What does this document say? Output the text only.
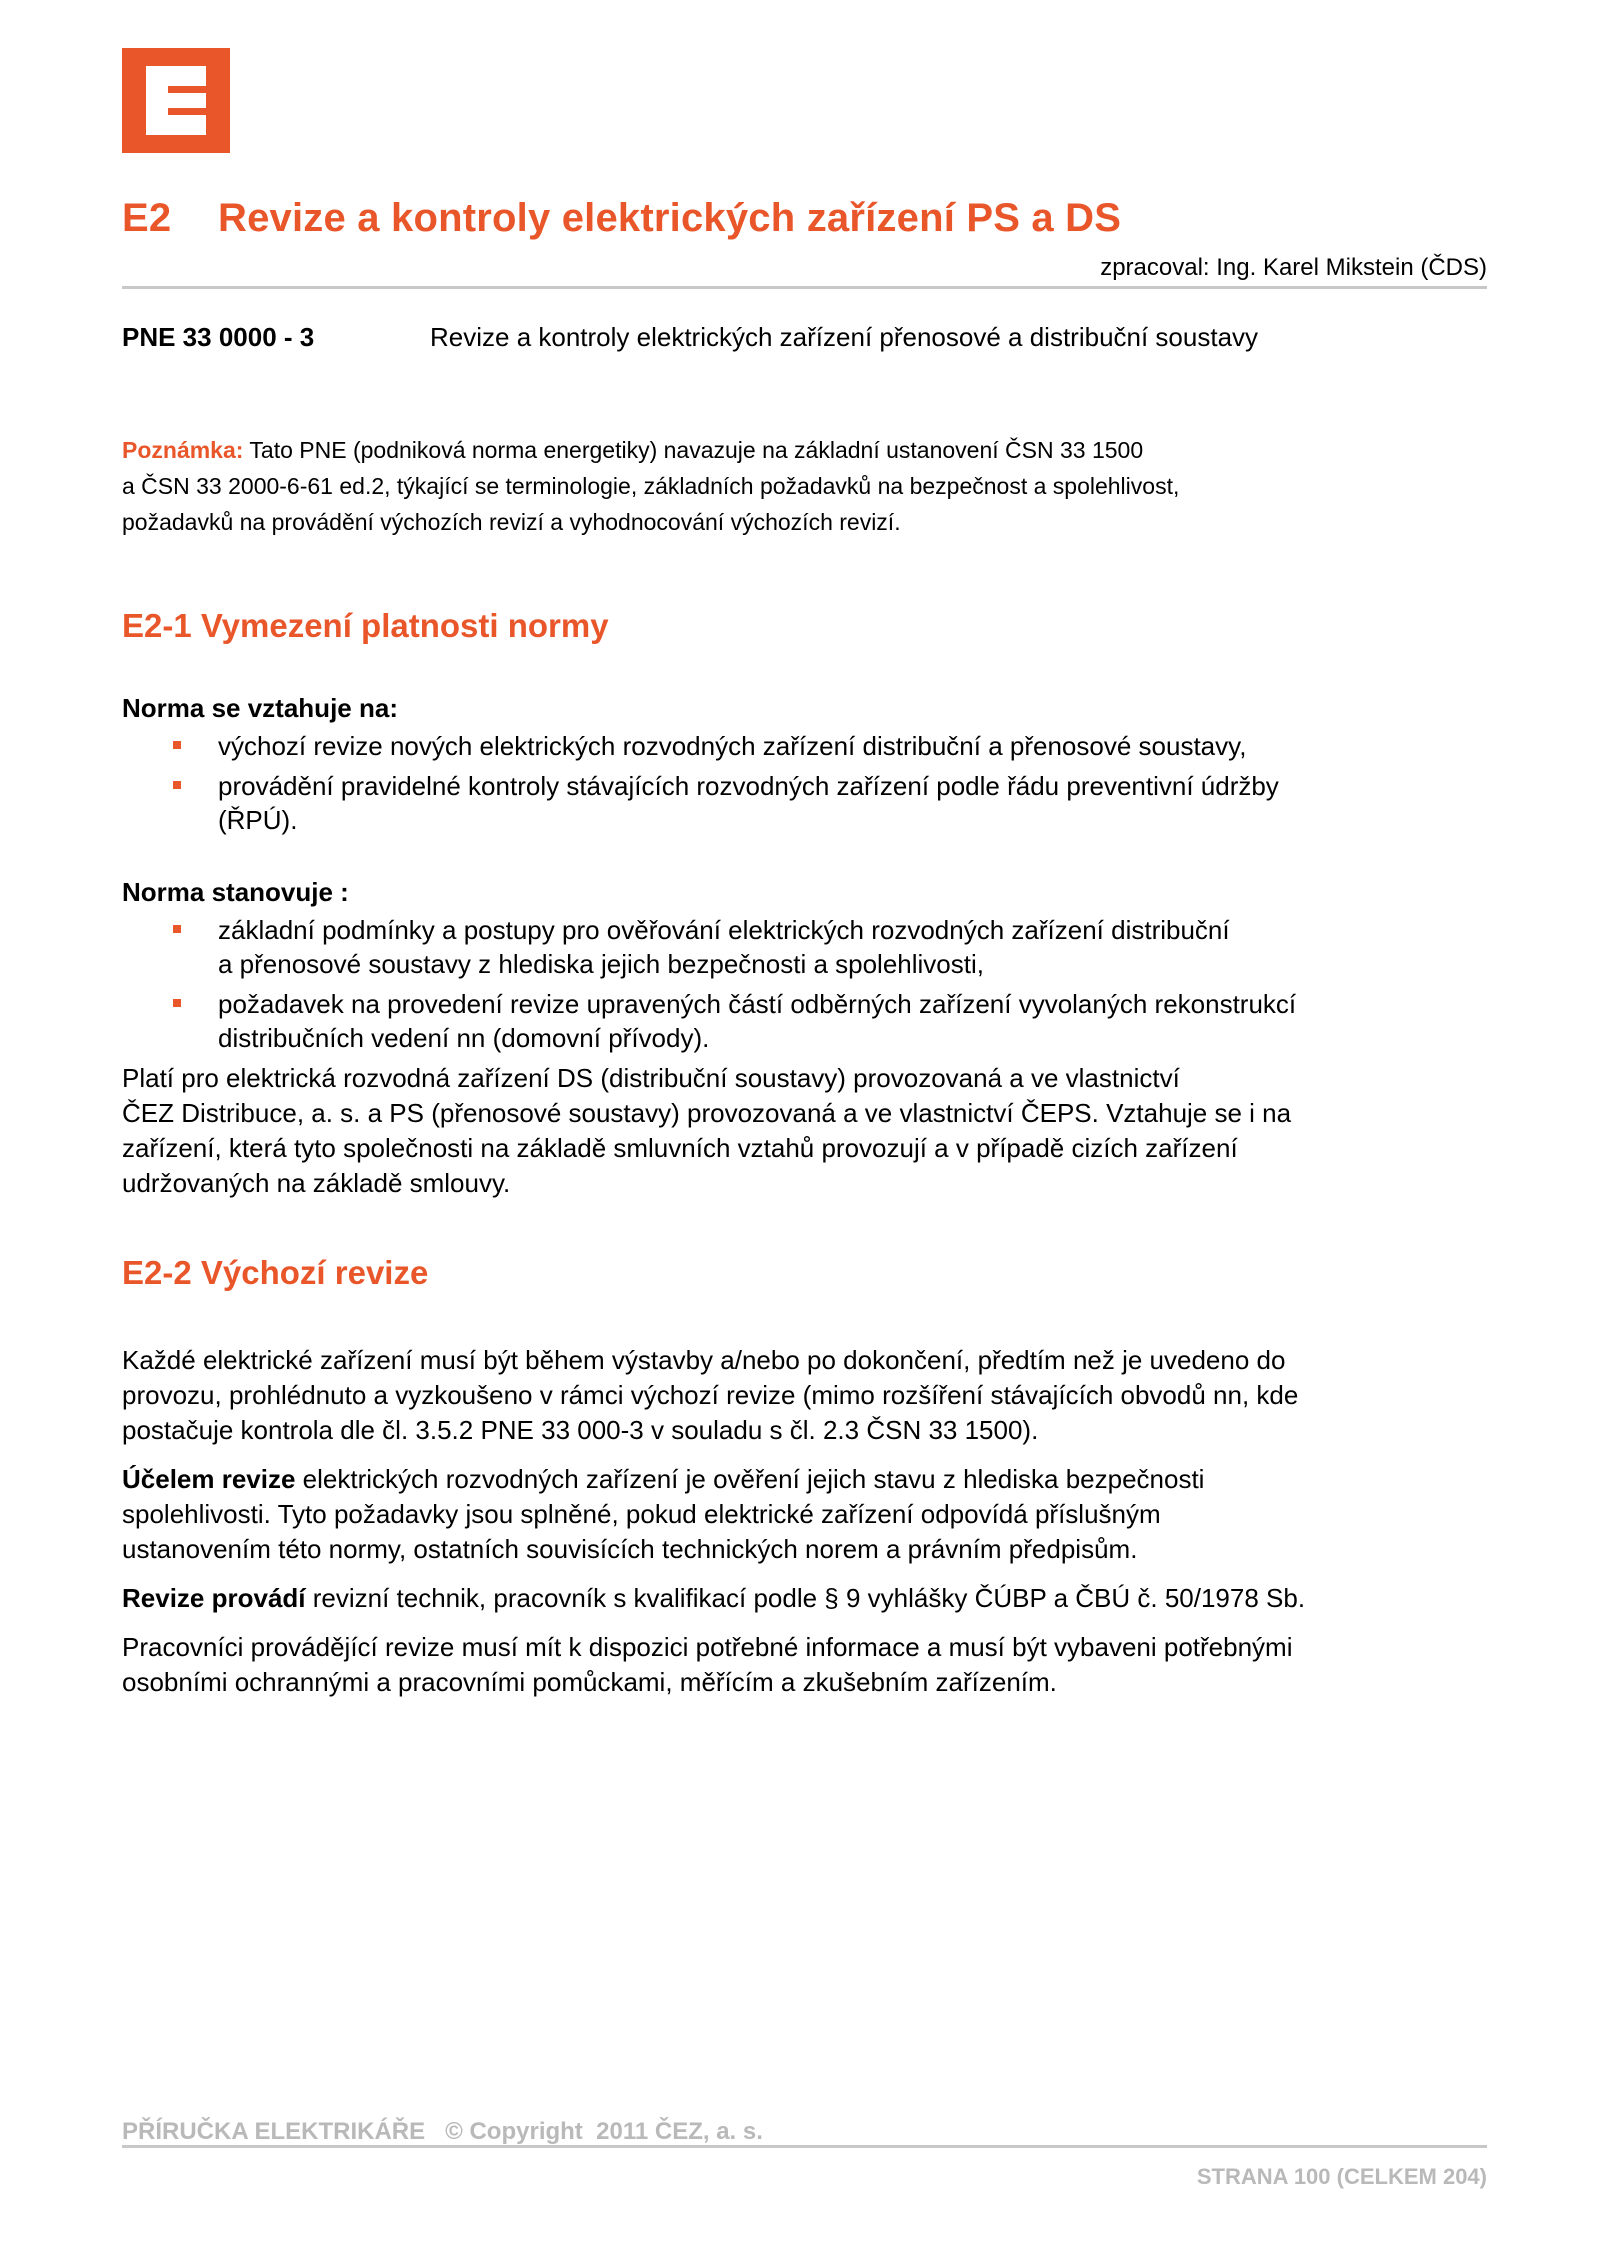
E2 Revize a kontroly elektrických zařízení PS a DS
zpracoval: Ing. Karel Mikstein (ČDS)
PNE 33 0000 - 3	Revize a kontroly elektrických zařízení přenosové a distribuční soustavy
Poznámka: Tato PNE (podniková norma energetiky) navazuje na základní ustanovení ČSN 33 1500
a ČSN 33 2000-6-61 ed.2, týkající se terminologie, základních požadavků na bezpečnost a spolehlivost,
požadavků na provádění výchozích revizí a vyhodnocování výchozích revizí.
E2-1 Vymezení platnosti normy
Norma se vztahuje na:
výchozí revize nových elektrických rozvodných zařízení distribuční a přenosové soustavy,
provádění pravidelné kontroly stávajících rozvodných zařízení podle řádu preventivní údržby
(ŘPÚ).
Norma stanovuje :
základní podmínky a postupy pro ověřování elektrických rozvodných zařízení distribuční
a přenosové soustavy z hlediska jejich bezpečnosti a spolehlivosti,
požadavek na provedení revize upravených částí odběrných zařízení vyvolaných rekonstrukcí
distribučních vedení nn (domovní přívody).

Platí pro elektrická rozvodná zařízení DS (distribuční soustavy) provozovaná a ve vlastnictví
ČEZ Distribuce, a. s. a PS (přenosové soustavy) provozovaná a ve vlastnictví ČEPS. Vztahuje se i na
zařízení, která tyto společnosti na základě smluvních vztahů provozují a v případě cizích zařízení
udržovaných na základě smlouvy.

E2-2 Výchozí revize

Každé elektrické zařízení musí být během výstavby a/nebo po dokončení, předtím než je uvedeno do
provozu, prohlédnuto a vyzkoušeno v rámci výchozí revize (mimo rozšíření stávajících obvodů nn, kde
postačuje kontrola dle čl. 3.5.2 PNE 33 000-3 v souladu s čl. 2.3 ČSN 33 1500).

Účelem revize elektrických rozvodných zařízení je ověření jejich stavu z hlediska bezpečnosti
spolehlivosti. Tyto požadavky jsou splněné, pokud elektrické zařízení odpovídá příslušným
ustanovením této normy, ostatních souvisících technických norem a právním předpisům.

Revize provádí revizní technik, pracovník s kvalifikací podle § 9 vyhlášky ČÚBP a ČBÚ č. 50/1978 Sb.

Pracovníci provádějící revize musí mít k dispozici potřebné informace a musí být vybaveni potřebnými
osobními ochrannými a pracovními pomůckami, měřícím a zkušebním zařízením.

PŘÍRUČKA ELEKTRIKÁŘE   © Copyright  2011 ČEZ, a. s.
STRANA 100 (CELKEM 204)
